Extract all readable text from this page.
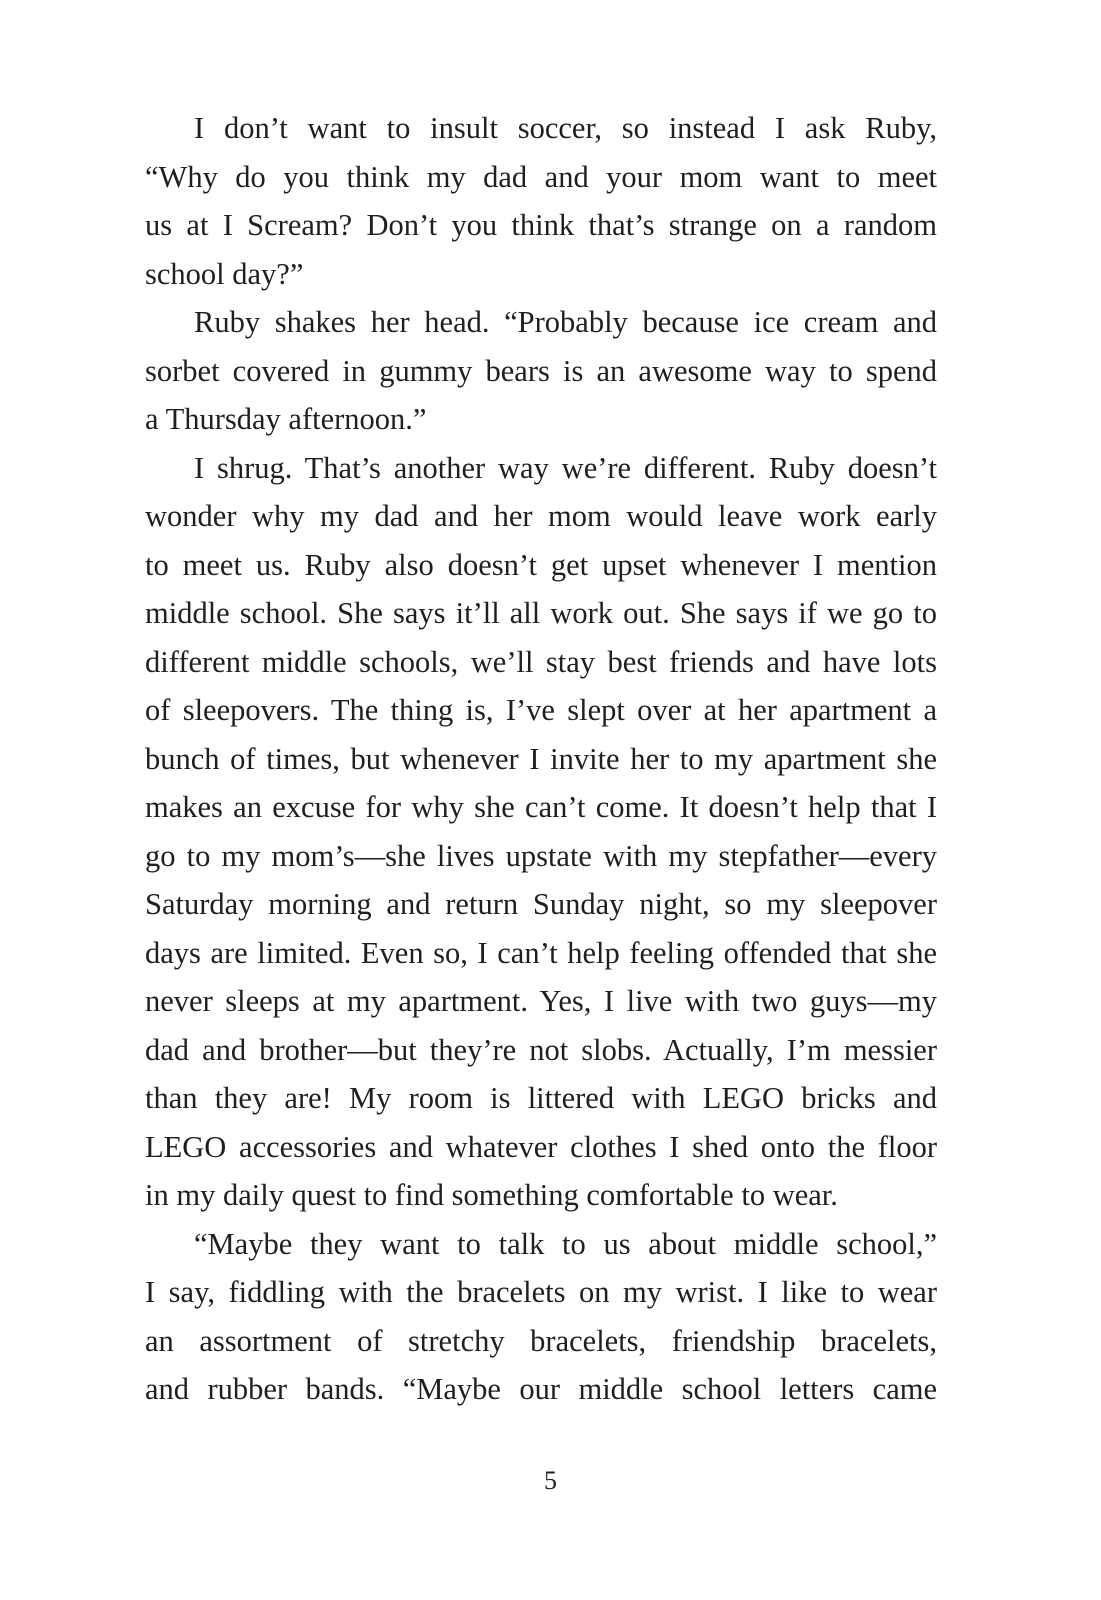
I don’t want to insult soccer, so instead I ask Ruby,
“Why do you think my dad and your mom want to meet
us at I Scream? Don’t you think that’s strange on a random
school day?”
Ruby shakes her head. “Probably because ice cream and
sorbet covered in gummy bears is an awesome way to spend
a Thursday afternoon.”
I shrug. That’s another way we’re different. Ruby doesn’t
wonder why my dad and her mom would leave work early
to meet us. Ruby also doesn’t get upset whenever I mention
middle school. She says it’ll all work out. She says if we go to
different middle schools, we’ll stay best friends and have lots
of sleepovers. The thing is, I’ve slept over at her apartment a
bunch of times, but whenever I invite her to my apartment she
makes an excuse for why she can’t come. It doesn’t help that I
go to my mom’s—she lives upstate with my stepfather—every
Saturday morning and return Sunday night, so my sleepover
days are limited. Even so, I can’t help feeling offended that she
never sleeps at my apartment. Yes, I live with two guys—my
dad and brother—but they’re not slobs. Actually, I’m messier
than they are! My room is littered with LEGO bricks and
LEGO accessories and whatever clothes I shed onto the floor
in my daily quest to find something comfortable to wear.
“Maybe they want to talk to us about middle school,”
I say, fiddling with the bracelets on my wrist. I like to wear
an assortment of stretchy bracelets, friendship bracelets,
and rubber bands. “Maybe our middle school letters came
5
